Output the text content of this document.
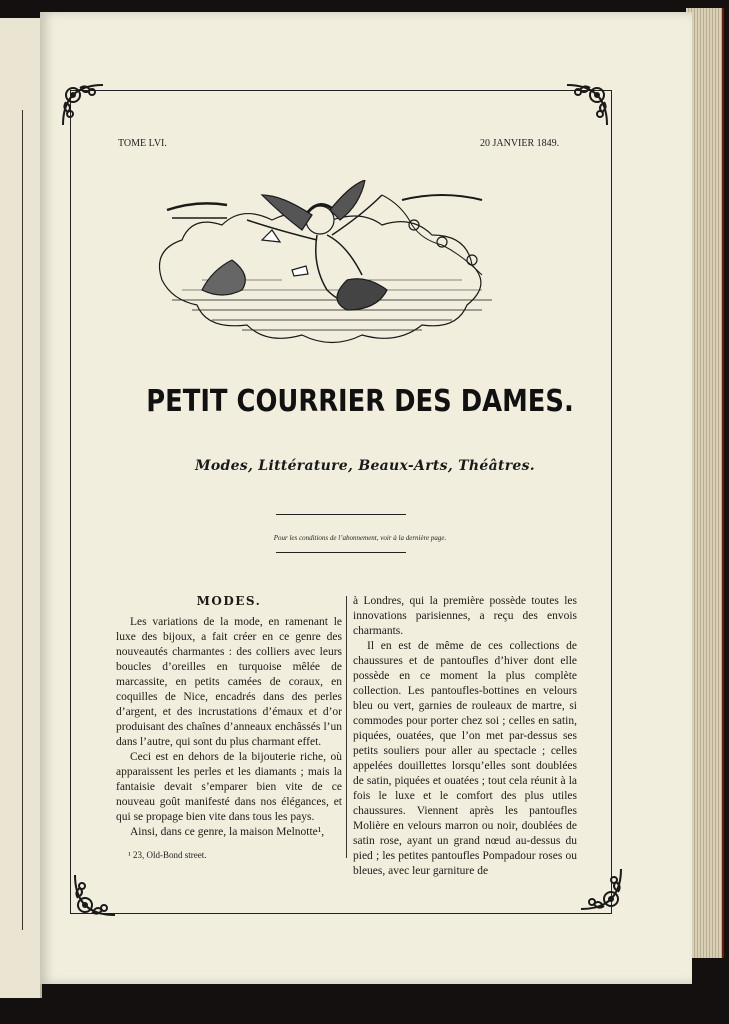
TOME LVI.	20 JANVIER 1849.
PETIT COURRIER DES DAMES.
Modes, Littérature, Beaux-Arts, Théâtres.
Pour les conditions de l’abonnement, voir à la dernière page.
MODES.

Les variations de la mode, en ramenant le luxe des bijoux, a fait créer en ce genre des nouveautés charmantes : des colliers avec leurs boucles d’oreilles en turquoise mêlée de marcassite, en petits camées de coraux, en coquilles de Nice, encadrés dans des perles d’argent, et des incrustations d’émaux et d’or produisant des chaînes d’anneaux enchâssés l’un dans l’autre, qui sont du plus charmant effet.

Ceci est en dehors de la bijouterie riche, où apparaissent les perles et les diamants ; mais la fantaisie devait s’emparer bien vite de ce nouveau goût manifesté dans nos élégances, et qui se propage bien vite dans tous les pays.

Ainsi, dans ce genre, la maison Melnotte¹,

à Londres, qui la première possède toutes les innovations parisiennes, a reçu des envois charmants.

Il en est de même de ces collections de chaussures et de pantoufles d’hiver dont elle possède en ce moment la plus complète collection. Les pantoufles-bottines en velours bleu ou vert, garnies de rouleaux de martre, si commodes pour porter chez soi ; celles en satin, piquées, ouatées, que l’on met par-dessus ses petits souliers pour aller au spectacle ; celles appelées douillettes lorsqu’elles sont doublées de satin, piquées et ouatées ; tout cela réunit à la fois le luxe et le comfort des plus utiles chaussures. Viennent après les pantoufles Molière en velours marron ou noir, doublées de satin rose, ayant un grand nœud au-dessus du pied ; les petites pantoufles Pompadour roses ou bleues, avec leur garniture de

¹ 23, Old-Bond street.
